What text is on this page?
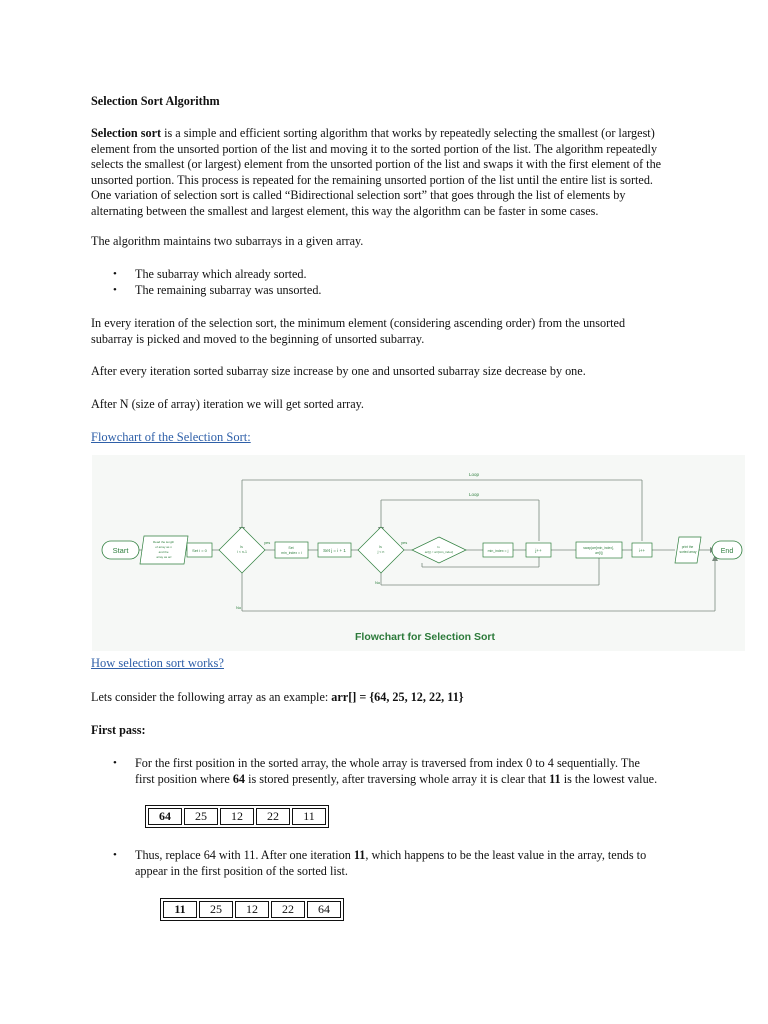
Selection Sort Algorithm
Selection sort is a simple and efficient sorting algorithm that works by repeatedly selecting the smallest (or largest)
element from the unsorted portion of the list and moving it to the sorted portion of the list. The algorithm repeatedly
selects the smallest (or largest) element from the unsorted portion of the list and swaps it with the first element of the
unsorted portion. This process is repeated for the remaining unsorted portion of the list until the entire list is sorted.
One variation of selection sort is called “Bidirectional selection sort” that goes through the list of elements by
alternating between the smallest and largest element, this way the algorithm can be faster in some cases.
The algorithm maintains two subarrays in a given array.
• The subarray which already sorted.
• The remaining subarray was unsorted.
In every iteration of the selection sort, the minimum element (considering ascending order) from the unsorted
subarray is picked and moved to the beginning of unsorted subarray.
After every iteration sorted subarray size increase by one and unsorted subarray size decrease by one.
After N (size of array) iteration we will get sorted array.
Flowchart of the Selection Sort:
Start
Read the length of array as n and the array as arr
Set i = 0
Is i < n-1
yes
Set min_index = i	Set j = i + 1
Is j < n
yes
Is arr[j] < arr[min_index]	min_index = j	j++	swap(arr[min_index], arr[i])	i++
print the sorted array	End
Loop
Loop
No
No
Flowchart for Selection Sort
How selection sort works?
Lets consider the following array as an example: arr[] = {64, 25, 12, 22, 11}
First pass:
• For the first position in the sorted array, the whole array is traversed from index 0 to 4 sequentially. The
first position where 64 is stored presently, after traversing whole array it is clear that 11 is the lowest value.
64	25	12	22	11
• Thus, replace 64 with 11. After one iteration 11, which happens to be the least value in the array, tends to
appear in the first position of the sorted list.
11	25	12	22	64
